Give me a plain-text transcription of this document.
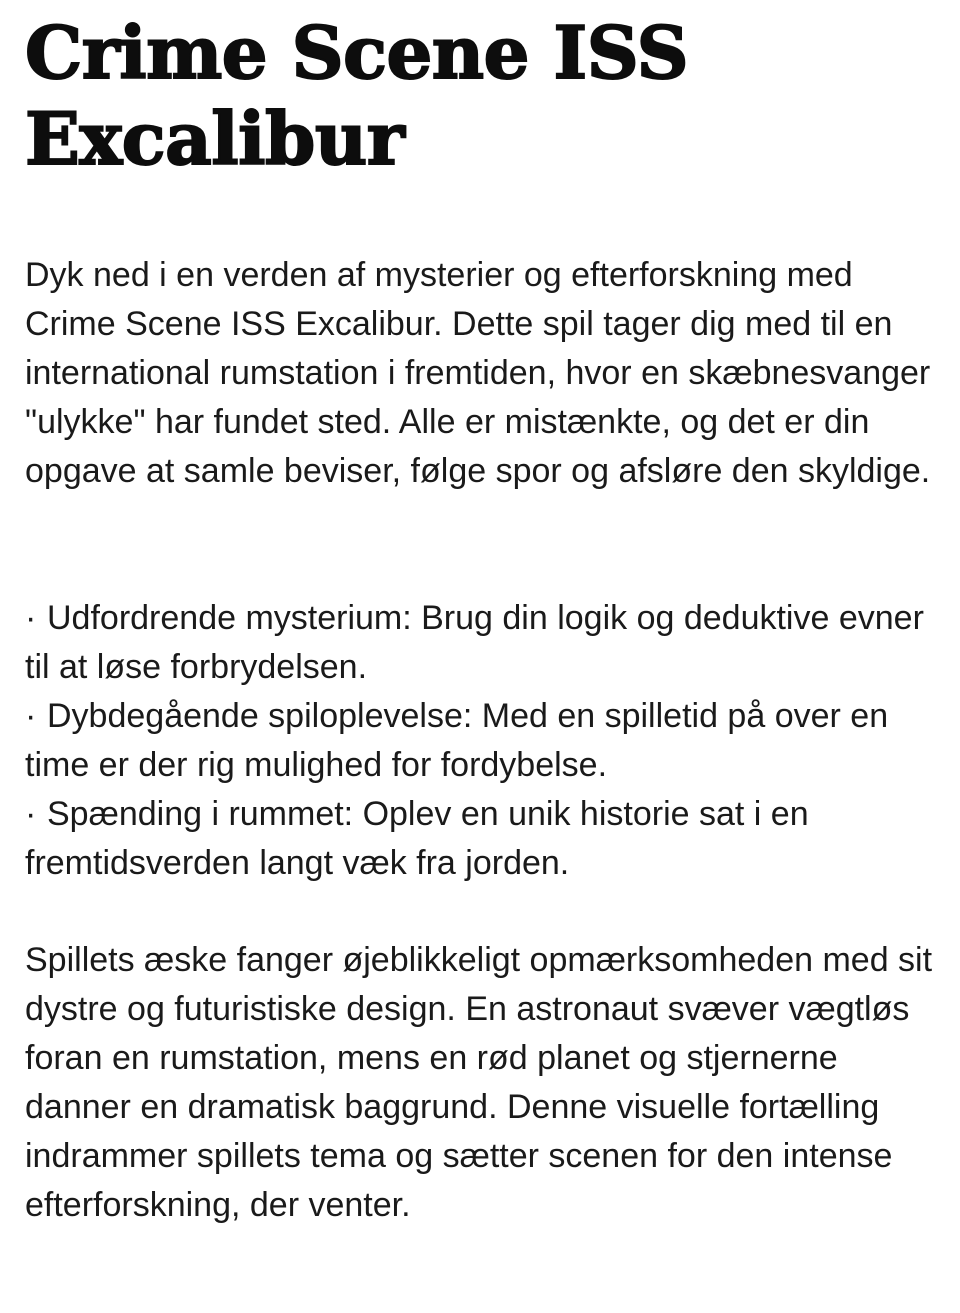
Crime Scene ISS Excalibur

Dyk ned i en verden af mysterier og efterforskning med Crime Scene ISS Excalibur. Dette spil tager dig med til en international rumstation i fremtiden, hvor en skæbnesvanger "ulykke" har fundet sted. Alle er mistænkte, og det er din opgave at samle beviser, følge spor og afsløre den skyldige.

· Udfordrende mysterium: Brug din logik og deduktive evner til at løse forbrydelsen.
· Dybdegående spiloplevelse: Med en spilletid på over en time er der rig mulighed for fordybelse.
· Spænding i rummet: Oplev en unik historie sat i en fremtidsverden langt væk fra jorden.

Spillets æske fanger øjeblikkeligt opmærksomheden med sit dystre og futuristiske design. En astronaut svæver vægtløs foran en rumstation, mens en rød planet og stjernerne danner en dramatisk baggrund. Denne visuelle fortælling indrammer spillets tema og sætter scenen for den intense efterforskning, der venter.
